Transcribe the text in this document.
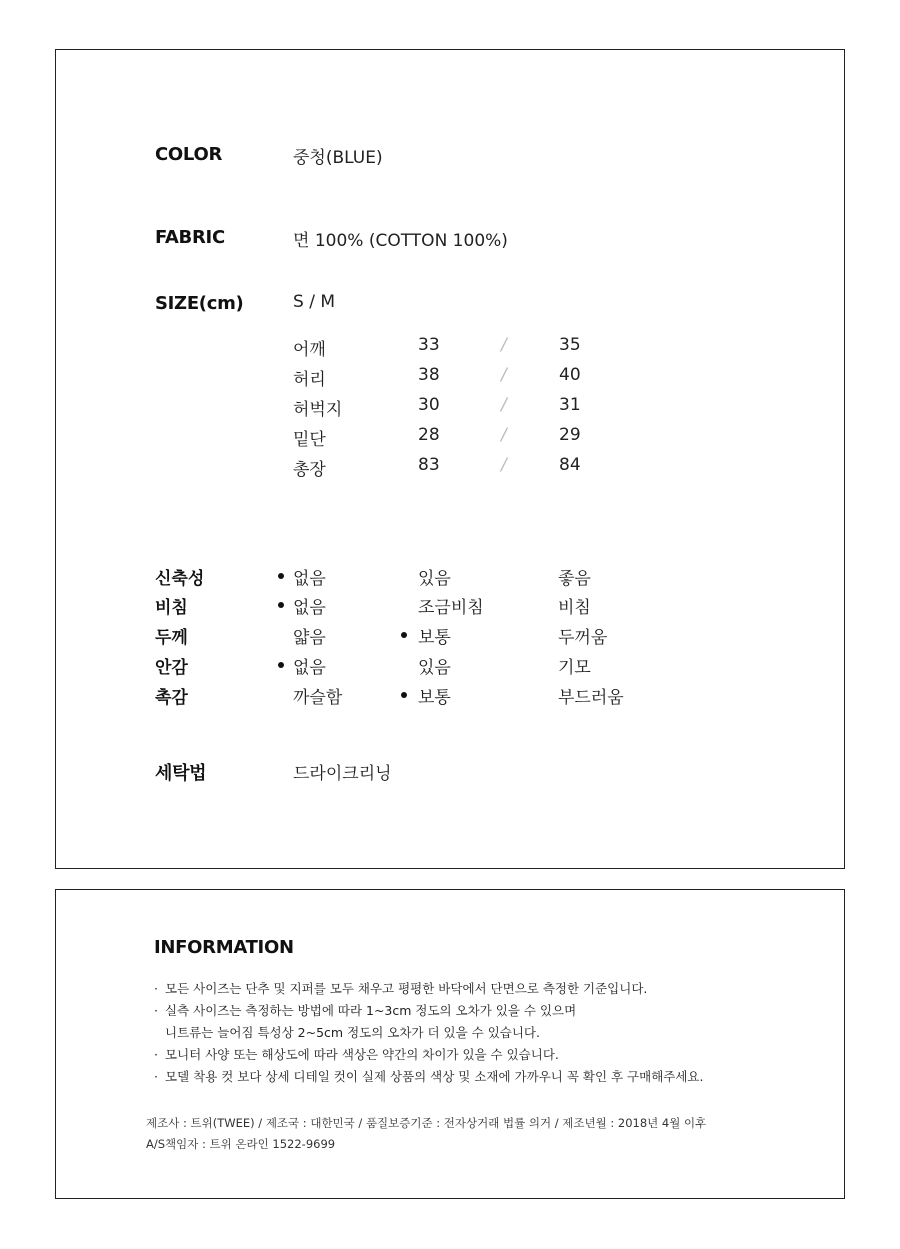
COLOR	중청(BLUE)
FABRIC	면 100% (COTTON 100%)
SIZE(cm)	S / M
어깨	33	/	35
허리	38	/	40
허벅지	30	/	31
밑단	28	/	29
총장	83	/	84
신축성	없음	있음	좋음
비침	없음	조금비침	비침
두께	얇음	보통	두꺼움
안감	없음	있음	기모
촉감	까슬함	보통	부드러움
세탁법	드라이크리닝
INFORMATION
· 모든 사이즈는 단추 및 지퍼를 모두 채우고 평평한 바닥에서 단면으로 측정한 기준입니다.
· 실측 사이즈는 측정하는 방법에 따라 1~3cm 정도의 오차가 있을 수 있으며
니트류는 늘어짐 특성상 2~5cm 정도의 오차가 더 있을 수 있습니다.
· 모니터 사양 또는 해상도에 따라 색상은 약간의 차이가 있을 수 있습니다.
· 모델 착용 컷 보다 상세 디테일 컷이 실제 상품의 색상 및 소재에 가까우니 꼭 확인 후 구매해주세요.
제조사 : 트위(TWEE) / 제조국 : 대한민국 / 품질보증기준 : 전자상거래 법률 의거 / 제조년월 : 2018년 4월 이후
A/S책임자 : 트위 온라인 1522-9699
